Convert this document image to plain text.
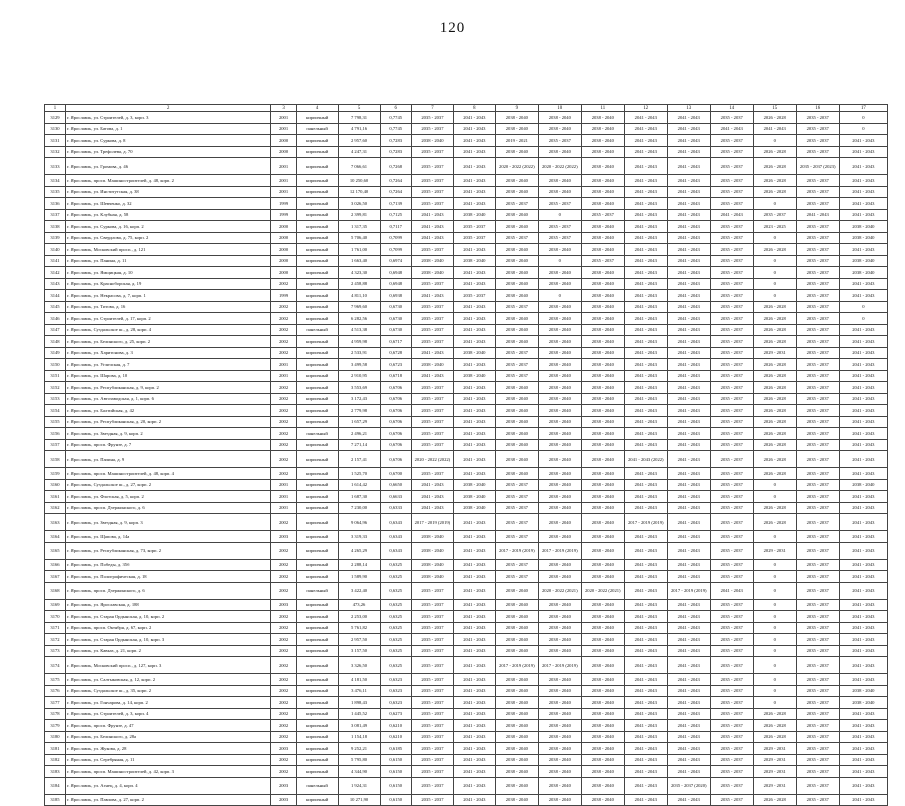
120
1	2	3	4	5	6	7	8	9	10	11	12	13	14	15	16	17
3129	г. Ярославль, ул. Строителей, д. 3, корп. 3	2001	кирпичный	7 798,31	0,7745	2035 - 2037	2041 - 2043	2038 - 2040	2038 - 2040	2038 - 2040	2041 - 2043	2041 - 2043	2035 - 2037	2026 - 2028	2035 - 2037	0
3130	г. Ярославль, ул. Батова, д. 1	2001	панельный	4 791,16	0,7745	2035 - 2037	2041 - 2043	2038 - 2040	2038 - 2040	2038 - 2040	2041 - 2043	2041 - 2043	2041 - 2043	2041 - 2043	2035 - 2037	0
3131	г. Ярославль, ул. Суркова, д. 8	2000	кирпичный	2 957,60	0,7283	2038 - 2040	2041 - 2043	2019 - 2021	2035 - 2037	2038 - 2040	2041 - 2043	2041 - 2043	2035 - 2037	0	2035 - 2037	2041 - 2043
3132	г. Ярославль, ул. Трефолева, д. 70	2000	кирпичный	4 247,31	0,7283	2035 - 2037	2041 - 2043	2038 - 2040	2038 - 2040	2038 - 2040	2041 - 2043	2041 - 2043	2035 - 2037	2026 - 2028	2035 - 2037	2041 - 2043
3133	г. Ярославль, ул. Громова, д. 46	2001	кирпичный	7 066,61	0,7268	2035 - 2037	2041 - 2043	2020 - 2022 (2022)	2020 - 2022 (2022)	2038 - 2040	2041 - 2043	2041 - 2043	2035 - 2037	2026 - 2028	2035 - 2037 (2023)	2041 - 2043
3134	г. Ярославль, просп. Машиностроителей, д. 48, корп. 2	2001	кирпичный	10 250,60	0,7264	2035 - 2037	2041 - 2043	2038 - 2040	2038 - 2040	2038 - 2040	2041 - 2043	2041 - 2043	2035 - 2037	2026 - 2028	2035 - 2037	2041 - 2043
3135	г. Ярославль, ул. Институтская, д. 38	2001	кирпичный	12 170,40	0,7264	2035 - 2037	2041 - 2043	2038 - 2040	2038 - 2040	2038 - 2040	2041 - 2043	2041 - 2043	2035 - 2037	2026 - 2028	2035 - 2037	2041 - 2043
3136	г. Ярославль, ул. Шевченко, д. 32	1999	кирпичный	3 026,50	0,7139	2035 - 2037	2041 - 2043	2035 - 2037	2035 - 2037	2038 - 2040	2041 - 2043	2041 - 2043	2035 - 2037	0	2035 - 2037	2041 - 2043
3137	г. Ярославль, ул. Клубная, д. 58	1999	кирпичный	2 399,81	0,7125	2041 - 2043	2038 - 2040	2038 - 2040	0	2035 - 2037	2041 - 2043	2041 - 2043	2041 - 2043	2035 - 2037	2041 - 2043	2041 - 2043
3138	г. Ярославль, ул. Суркова, д. 16, корп. 2	2000	кирпичный	1 317,35	0,7117	2041 - 2043	2035 - 2037	2038 - 2040	2035 - 2037	2038 - 2040	2041 - 2043	2041 - 2043	2035 - 2037	2023 - 2025	2035 - 2037	2038 - 2040
3139	г. Ярославль, ул. Свердлова, д. 75, корп. 2	2000	кирпичный	5 706,40	0,7099	2041 - 2043	2035 - 2037	2035 - 2037	2035 - 2037	2038 - 2040	2041 - 2043	2041 - 2043	2035 - 2037	0	2035 - 2037	2038 - 2040
3140	г. Ярославль, Московский просп., д. 121	2000	кирпичный	1 761,00	0,7099	2035 - 2037	2041 - 2043	2038 - 2040	2038 - 2040	2038 - 2040	2041 - 2043	2041 - 2043	2035 - 2037	2026 - 2028	2035 - 2037	2041 - 2043
3141	г. Ярославль, ул. Панина, д. 11	2000	кирпичный	1 663,40	0,6974	2038 - 2040	2038 - 2040	2038 - 2040	0	2035 - 2037	2041 - 2043	2041 - 2043	2035 - 2037	0	2035 - 2037	2038 - 2040
3142	г. Ярославль, ул. Ямщицкая, д. 10	2000	кирпичный	4 323,30	0,6948	2038 - 2040	2041 - 2043	2038 - 2040	2038 - 2040	2038 - 2040	2041 - 2043	2041 - 2043	2035 - 2037	0	2035 - 2037	2038 - 2040
3143	г. Ярославль, ул. Красноборская, д. 19	2002	кирпичный	2 458,88	0,6948	2035 - 2037	2041 - 2043	2038 - 2040	2038 - 2040	2038 - 2040	2041 - 2043	2041 - 2043	2035 - 2037	0	2035 - 2037	2041 - 2043
3144	г. Ярославль, ул. Некрасова, д. 7, корп. 1	1999	кирпичный	4 811,10	0,6938	2041 - 2043	2035 - 2037	2038 - 2040	0	2038 - 2040	2041 - 2043	2041 - 2043	2035 - 2037	0	2035 - 2037	2041 - 2043
3145	г. Ярославль, ул. Титова, д. 16	2002	кирпичный	7 969,60	0,6730	2035 - 2037	2041 - 2043	2035 - 2037	2038 - 2040	2038 - 2040	2041 - 2043	2041 - 2043	2035 - 2037	2026 - 2028	2035 - 2037	0
3146	г. Ярославль, ул. Строителей, д. 17, корп. 2	2002	кирпичный	6 282,56	0,6730	2035 - 2037	2041 - 2043	2038 - 2040	2038 - 2040	2038 - 2040	2041 - 2043	2041 - 2043	2035 - 2037	2026 - 2028	2035 - 2037	0
3147	г. Ярославль, Суздальское ш., д. 28, корп. 4	2002	панельный	4 513,38	0,6730	2035 - 2037	2041 - 2043	2038 - 2040	2038 - 2040	2038 - 2040	2041 - 2043	2041 - 2043	2035 - 2037	2026 - 2028	2035 - 2037	2041 - 2043
3148	г. Ярославль, ул. Белинского, д. 25, корп. 2	2002	кирпичный	4 959,98	0,6717	2035 - 2037	2041 - 2043	2038 - 2040	2038 - 2040	2038 - 2040	2041 - 2043	2041 - 2043	2035 - 2037	2026 - 2028	2035 - 2037	2041 - 2043
3149	г. Ярославль, ул. Харитонова, д. 3	2002	кирпичный	2 533,91	0,6728	2041 - 2043	2038 - 2040	2035 - 2037	2038 - 2040	2038 - 2040	2041 - 2043	2041 - 2043	2035 - 2037	2029 - 2031	2035 - 2037	2041 - 2043
3150	г. Ярославль, ул. Угличская, д. 7	2001	кирпичный	3 499,58	0,6723	2038 - 2040	2041 - 2043	2035 - 2037	2038 - 2040	2038 - 2040	2041 - 2043	2041 - 2043	2035 - 2037	2026 - 2028	2035 - 2037	2041 - 2043
3151	г. Ярославль, ул. Шарова, д. 10	2001	кирпичный	2 910,95	0,6718	2041 - 2043	2038 - 2040	2035 - 2037	2038 - 2040	2038 - 2040	2041 - 2043	2041 - 2043	2035 - 2037	2026 - 2028	2035 - 2037	2041 - 2043
3152	г. Ярославль, ул. Республиканская, д. 9, корп. 2	2002	кирпичный	3 553,69	0,6706	2035 - 2037	2041 - 2043	2038 - 2040	2038 - 2040	2038 - 2040	2041 - 2043	2041 - 2043	2035 - 2037	2026 - 2028	2035 - 2037	2041 - 2043
3153	г. Ярославль, ул. Автозаводская, д. 1, корп. 6	2002	кирпичный	3 172,43	0,6706	2035 - 2037	2041 - 2043	2038 - 2040	2038 - 2040	2038 - 2040	2041 - 2043	2041 - 2043	2035 - 2037	2026 - 2028	2035 - 2037	2041 - 2043
3154	г. Ярославль, ул. Балтийская, д. 42	2002	кирпичный	2 779,98	0,6706	2035 - 2037	2041 - 2043	2038 - 2040	2038 - 2040	2038 - 2040	2041 - 2043	2041 - 2043	2035 - 2037	2026 - 2028	2035 - 2037	2041 - 2043
3155	г. Ярославль, ул. Республиканская, д. 20, корп. 2	2002	кирпичный	1 657,29	0,6706	2035 - 2037	2041 - 2043	2038 - 2040	2038 - 2040	2038 - 2040	2041 - 2043	2041 - 2043	2035 - 2037	2026 - 2028	2035 - 2037	2041 - 2043
3156	г. Ярославль, ул. Звездная, д. 9, корп. 2	2002	панельный	2 496,21	0,6706	2035 - 2037	2041 - 2043	2038 - 2040	2038 - 2040	2038 - 2040	2041 - 2043	2041 - 2043	2035 - 2037	2026 - 2028	2035 - 2037	2041 - 2043
3157	г. Ярославль, просп. Фрунзе, д. 7	2002	кирпичный	7 271,14	0,6706	2035 - 2037	2041 - 2043	2038 - 2040	2038 - 2040	2038 - 2040	2041 - 2043	2041 - 2043	2035 - 2037	2026 - 2028	2035 - 2037	2041 - 2043
3158	г. Ярославль, ул. Папина, д. 9	2002	кирпичный	2 157,41	0,6706	2020 - 2022 (2022)	2041 - 2043	2038 - 2040	2038 - 2040	2038 - 2040	2041 - 2043 (2022)	2041 - 2043	2035 - 2037	2026 - 2028	2035 - 2037	2041 - 2043
3159	г. Ярославль, просп. Машиностроителей, д. 48, корп. 4	2002	кирпичный	1 525,70	0,6700	2035 - 2037	2041 - 2043	2038 - 2040	2038 - 2040	2038 - 2040	2041 - 2043	2041 - 2043	2035 - 2037	2026 - 2028	2035 - 2037	2041 - 2043
3160	г. Ярославль, Суздальское ш., д. 27, корп. 2	2001	кирпичный	1 614,42	0,6650	2041 - 2043	2038 - 2040	2035 - 2037	2038 - 2040	2038 - 2040	2041 - 2043	2041 - 2043	2035 - 2037	0	2035 - 2037	2038 - 2040
3161	г. Ярославль, ул. Флотская, д. 5, корп. 2	2001	кирпичный	1 687,30	0,6633	2041 - 2043	2038 - 2040	2035 - 2037	2038 - 2040	2038 - 2040	2041 - 2043	2041 - 2043	2035 - 2037	0	2035 - 2037	2041 - 2043
3162	г. Ярославль, просп. Дзержинского, д. 6	2001	кирпичный	7 230,00	0,6333	2041 - 2043	2038 - 2040	2035 - 2037	2038 - 2040	2038 - 2040	2041 - 2043	2041 - 2043	2035 - 2037	2026 - 2028	2035 - 2037	2041 - 2043
3163	г. Ярославль, ул. Звездная, д. 9, корп. 3	2002	кирпичный	9 064,96	0,6343	2017 - 2019 (2019)	2041 - 2043	2035 - 2037	2038 - 2040	2038 - 2040	2017 - 2019 (2019)	2041 - 2043	2035 - 2037	2026 - 2028	2035 - 2037	2041 - 2043
3164	г. Ярославль, ул. Щапова, д. 14а	2003	кирпичный	3 319,33	0,6343	2038 - 2040	2041 - 2043	2035 - 2037	2038 - 2040	2038 - 2040	2041 - 2043	2041 - 2043	2035 - 2037	0	2035 - 2037	2041 - 2043
3165	г. Ярославль, ул. Республиканская, д. 73, корп. 2	2002	кирпичный	4 265,29	0,6343	2038 - 2040	2041 - 2043	2017 - 2019 (2019)	2017 - 2019 (2019)	2038 - 2040	2041 - 2043	2041 - 2043	2035 - 2037	2029 - 2031	2035 - 2037	2041 - 2043
3166	г. Ярославль, ул. Победы, д. 35б	2002	кирпичный	2 288,14	0,6325	2038 - 2040	2041 - 2043	2035 - 2037	2038 - 2040	2038 - 2040	2041 - 2043	2041 - 2043	2035 - 2037	0	2035 - 2037	2041 - 2043
3167	г. Ярославль, ул. Полиграфическая, д. 18	2002	кирпичный	1 589,90	0,6325	2038 - 2040	2041 - 2043	2035 - 2037	2038 - 2040	2038 - 2040	2041 - 2043	2041 - 2043	2035 - 2037	0	2035 - 2037	2041 - 2043
3168	г. Ярославль, просп. Дзержинского, д. 6	2002	панельный	3 422,40	0,6325	2035 - 2037	2041 - 2043	2038 - 2040	2020 - 2022 (2021)	2020 - 2022 (2021)	2041 - 2043	2017 - 2019 (2019)	2041 - 2043	0	2035 - 2037	2041 - 2043
3169	г. Ярославль, ул. Ярославская, д. 188	2003	кирпичный	473,26	0,6325	2035 - 2037	2041 - 2043	2038 - 2040	2038 - 2040	2038 - 2040	2041 - 2043	2041 - 2043	2035 - 2037	0	2035 - 2037	2041 - 2043
3170	г. Ярославль, ул. Старая Ордынская, д. 10, корп. 2	2002	кирпичный	2 253,00	0,6325	2035 - 2037	2041 - 2043	2038 - 2040	2038 - 2040	2038 - 2040	2041 - 2043	2041 - 2043	2035 - 2037	0	2035 - 2037	2041 - 2043
3171	г. Ярославль, просп. Октября, д. 67, корп. 2	2002	кирпичный	5 761,82	0,6325	2035 - 2037	2041 - 2043	2038 - 2040	2038 - 2040	2038 - 2040	2041 - 2043	2041 - 2043	2035 - 2037	0	2035 - 2037	2041 - 2043
3172	г. Ярославль, ул. Старая Ордынская, д. 10, корп. 3	2002	кирпичный	2 957,50	0,6325	2035 - 2037	2041 - 2043	2038 - 2040	2038 - 2040	2038 - 2040	2041 - 2043	2041 - 2043	2035 - 2037	0	2035 - 2037	2041 - 2043
3173	г. Ярославль, ул. Кавказ, д. 21, корп. 2	2002	кирпичный	3 157,50	0,6325	2035 - 2037	2041 - 2043	2038 - 2040	2038 - 2040	2038 - 2040	2041 - 2043	2041 - 2043	2035 - 2037	0	2035 - 2037	2041 - 2043
3174	г. Ярославль, Московский просп., д. 127, корп. 3	2002	кирпичный	3 326,50	0,6325	2035 - 2037	2041 - 2043	2017 - 2019 (2019)	2017 - 2019 (2019)	2038 - 2040	2041 - 2043	2041 - 2043	2035 - 2037	0	2035 - 2037	2041 - 2043
3175	г. Ярославль, ул. Салтыковская, д. 12, корп. 2	2002	кирпичный	4 181,50	0,6323	2035 - 2037	2041 - 2043	2038 - 2040	2038 - 2040	2038 - 2040	2041 - 2043	2041 - 2043	2035 - 2037	0	2035 - 2037	2041 - 2043
3176	г. Ярославль, Суздальское ш., д. 35, корп. 2	2002	кирпичный	3 476,11	0,6323	2035 - 2037	2041 - 2043	2038 - 2040	2038 - 2040	2038 - 2040	2041 - 2043	2041 - 2043	2035 - 2037	0	2035 - 2037	2038 - 2040
3177	г. Ярославль, ул. Гончарова, д. 14, корп. 2	2002	кирпичный	1 898,43	0,6323	2035 - 2037	2041 - 2043	2038 - 2040	2038 - 2040	2038 - 2040	2041 - 2043	2041 - 2043	2035 - 2037	0	2035 - 2037	2038 - 2040
3178	г. Ярославль, ул. Строителей, д. 3, корп. 4	2002	кирпичный	1 445,52	0,6273	2035 - 2037	2041 - 2043	2038 - 2040	2038 - 2040	2038 - 2040	2041 - 2043	2041 - 2043	2035 - 2037	2026 - 2028	2035 - 2037	2041 - 2043
3179	г. Ярославль, просп. Фрунзе, д. 47	2002	кирпичный	3 081,49	0,6210	2035 - 2037	2041 - 2043	2038 - 2040	2038 - 2040	2038 - 2040	2041 - 2043	2041 - 2043	2035 - 2037	2026 - 2028	2035 - 2037	2041 - 2043
3180	г. Ярославль, ул. Белинского, д. 28а	2002	кирпичный	1 154,18	0,6210	2035 - 2037	2041 - 2043	2038 - 2040	2038 - 2040	2038 - 2040	2041 - 2043	2041 - 2043	2035 - 2037	2026 - 2028	2035 - 2037	2041 - 2043
3181	г. Ярославль, ул. Жукова, д. 28	2003	кирпичный	9 252,21	0,6185	2035 - 2037	2041 - 2043	2038 - 2040	2038 - 2040	2038 - 2040	2041 - 2043	2041 - 2043	2035 - 2037	2029 - 2031	2035 - 2037	2041 - 2043
3182	г. Ярославль, ул. Серебряная, д. 11	2002	кирпичный	5 795,80	0,6150	2035 - 2037	2041 - 2043	2038 - 2040	2038 - 2040	2038 - 2040	2041 - 2043	2041 - 2043	2035 - 2037	2029 - 2031	2035 - 2037	2041 - 2043
3183	г. Ярославль, просп. Машиностроителей, д. 42, корп. 3	2002	кирпичный	4 344,90	0,6150	2035 - 2037	2041 - 2043	2038 - 2040	2038 - 2040	2038 - 2040	2041 - 2043	2041 - 2043	2035 - 2037	2029 - 2031	2035 - 2037	2041 - 2043
3184	г. Ярославль, ул. Агнец, д. 4, корп. 4	2003	панельный	1 924,31	0,6150	2035 - 2037	2041 - 2043	2038 - 2040	2038 - 2040	2038 - 2040	2041 - 2043	2035 - 2037 (2020)	2035 - 2037	2029 - 2031	2035 - 2037	2041 - 2043
3185	г. Ярославль, ул. Павлова, д. 27, корп. 2	2003	кирпичный	10 271,90	0,6150	2035 - 2037	2041 - 2043	2038 - 2040	2038 - 2040	2038 - 2040	2041 - 2043	2041 - 2043	2035 - 2037	2026 - 2028	2035 - 2037	2041 - 2043
